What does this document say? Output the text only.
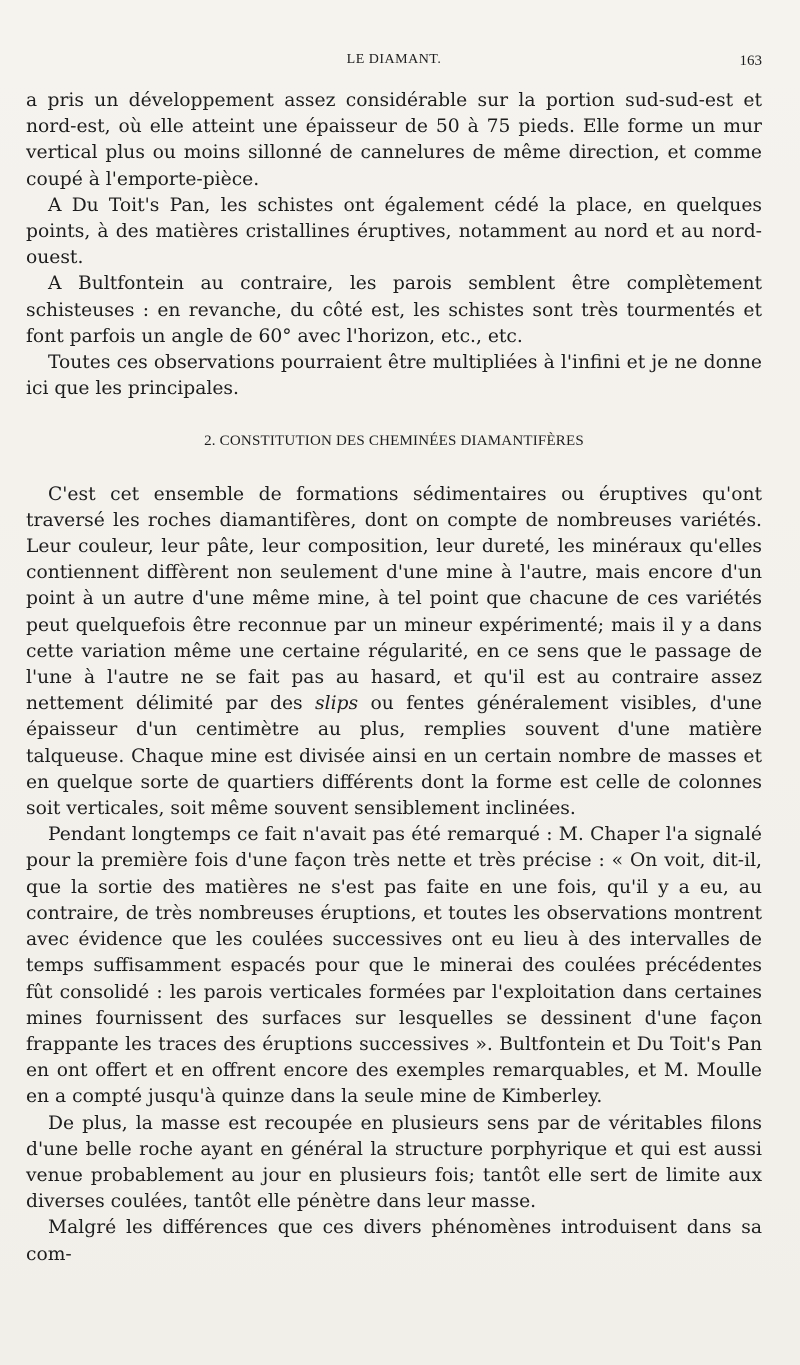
LE DIAMANT.	163

a pris un développement assez considérable sur la portion sud-sud-est et nord-est, où elle atteint une épaisseur de 50 à 75 pieds. Elle forme un mur vertical plus ou moins sillonné de cannelures de même direction, et comme coupé à l'emporte-pièce.

A Du Toit's Pan, les schistes ont également cédé la place, en quelques points, à des matières cristallines éruptives, notamment au nord et au nord-ouest.

A Bultfontein au contraire, les parois semblent être complètement schisteuses : en revanche, du côté est, les schistes sont très tourmentés et font parfois un angle de 60° avec l'horizon, etc., etc.

Toutes ces observations pourraient être multipliées à l'infini et je ne donne ici que les principales.

2. CONSTITUTION DES CHEMINÉES DIAMANTIFÈRES

C'est cet ensemble de formations sédimentaires ou éruptives qu'ont traversé les roches diamantifères, dont on compte de nombreuses variétés. Leur couleur, leur pâte, leur composition, leur dureté, les minéraux qu'elles contiennent diffèrent non seulement d'une mine à l'autre, mais encore d'un point à un autre d'une même mine, à tel point que chacune de ces variétés peut quelquefois être reconnue par un mineur expérimenté; mais il y a dans cette variation même une certaine régularité, en ce sens que le passage de l'une à l'autre ne se fait pas au hasard, et qu'il est au contraire assez nettement délimité par des slips ou fentes généralement visibles, d'une épaisseur d'un centimètre au plus, remplies souvent d'une matière talqueuse. Chaque mine est divisée ainsi en un certain nombre de masses et en quelque sorte de quartiers différents dont la forme est celle de colonnes soit verticales, soit même souvent sensiblement inclinées.

Pendant longtemps ce fait n'avait pas été remarqué : M. Chaper l'a signalé pour la première fois d'une façon très nette et très précise : « On voit, dit-il, que la sortie des matières ne s'est pas faite en une fois, qu'il y a eu, au contraire, de très nombreuses éruptions, et toutes les observations montrent avec évidence que les coulées successives ont eu lieu à des intervalles de temps suffisamment espacés pour que le minerai des coulées précédentes fût consolidé : les parois verticales formées par l'exploitation dans certaines mines fournissent des surfaces sur lesquelles se dessinent d'une façon frappante les traces des éruptions successives ». Bultfontein et Du Toit's Pan en ont offert et en offrent encore des exemples remarquables, et M. Moulle en a compté jusqu'à quinze dans la seule mine de Kimberley.

De plus, la masse est recoupée en plusieurs sens par de véritables filons d'une belle roche ayant en général la structure porphyrique et qui est aussi venue probablement au jour en plusieurs fois; tantôt elle sert de limite aux diverses coulées, tantôt elle pénètre dans leur masse.

Malgré les différences que ces divers phénomènes introduisent dans sa com-
